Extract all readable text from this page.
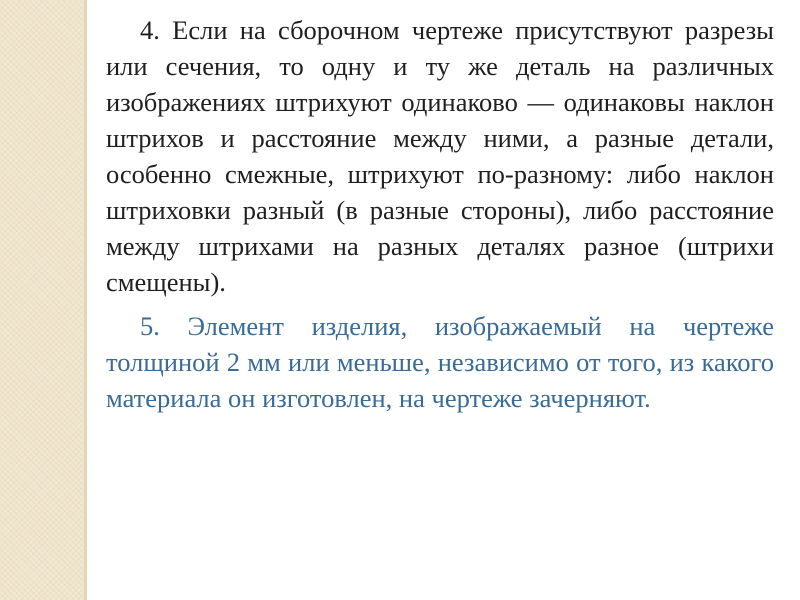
4. Если на сборочном чертеже присутствуют разрезы или сечения, то одну и ту же деталь на различных изображениях штрихуют одинаково — одинаковы наклон штрихов и расстояние между ними, а разные детали, особенно смежные, штрихуют по-разному: либо наклон штриховки разный (в разные стороны), либо расстояние между штрихами на разных деталях разное (штрихи смещены).

5. Элемент изделия, изображаемый на чертеже толщиной 2 мм или меньше, независимо от того, из какого материала он изготовлен, на чертеже зачерняют.
